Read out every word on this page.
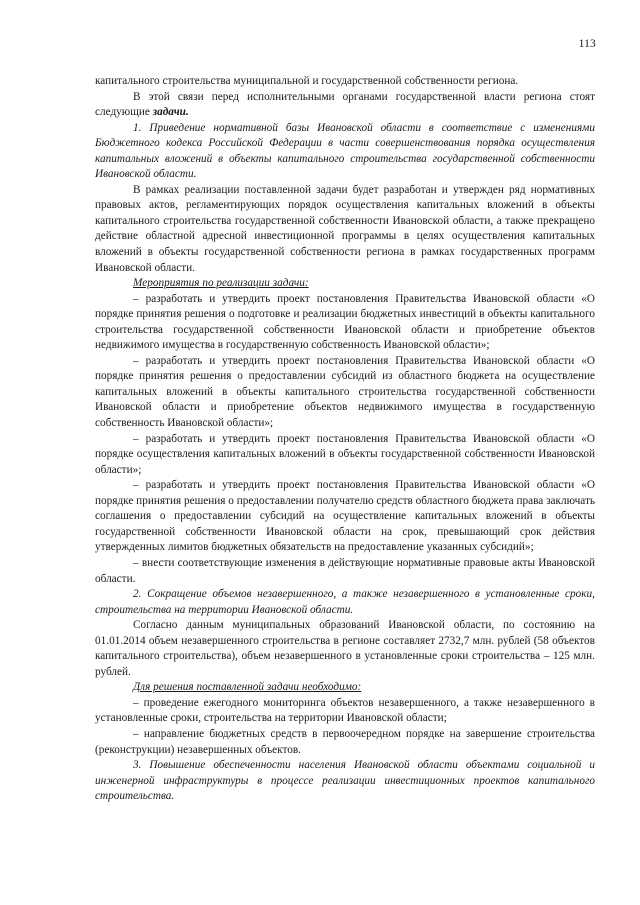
113

капитального строительства муниципальной и государственной собственности региона.

В этой связи перед исполнительными органами государственной власти региона стоят следующие задачи.

1. Приведение нормативной базы Ивановской области в соответствие с изменениями Бюджетного кодекса Российской Федерации в части совершенствования порядка осуществления капитальных вложений в объекты капитального строительства государственной собственности Ивановской области.

В рамках реализации поставленной задачи будет разработан и утвержден ряд нормативных правовых актов, регламентирующих порядок осуществления капитальных вложений в объекты капитального строительства государственной собственности Ивановской области, а также прекращено действие областной адресной инвестиционной программы в целях осуществления капитальных вложений в объекты государственной собственности региона в рамках государственных программ Ивановской области.

Мероприятия по реализации задачи:

– разработать и утвердить проект постановления Правительства Ивановской области «О порядке принятия решения о подготовке и реализации бюджетных инвестиций в объекты капитального строительства государственной собственности Ивановской области и приобретение объектов недвижимого имущества в государственную собственность Ивановской области»;

– разработать и утвердить проект постановления Правительства Ивановской области «О порядке принятия решения о предоставлении субсидий из областного бюджета на осуществление капитальных вложений в объекты капитального строительства государственной собственности Ивановской области и приобретение объектов недвижимого имущества в государственную собственность Ивановской области»;

– разработать и утвердить проект постановления Правительства Ивановской области «О порядке осуществления капитальных вложений в объекты государственной собственности Ивановской области»;

– разработать и утвердить проект постановления Правительства Ивановской области «О порядке принятия решения о предоставлении получателю средств областного бюджета права заключать соглашения о предоставлении субсидий на осуществление капитальных вложений в объекты государственной собственности Ивановской области на срок, превышающий срок действия утвержденных лимитов бюджетных обязательств на предоставление указанных субсидий»;

– внести соответствующие изменения в действующие нормативные правовые акты Ивановской области.

2. Сокращение объемов незавершенного, а также незавершенного в установленные сроки, строительства на территории Ивановской области.

Согласно данным муниципальных образований Ивановской области, по состоянию на 01.01.2014 объем незавершенного строительства в регионе составляет 2732,7 млн. рублей (58 объектов капитального строительства), объем незавершенного в установленные сроки строительства – 125 млн. рублей.

Для решения поставленной задачи необходимо:

– проведение ежегодного мониторинга объектов незавершенного, а также незавершенного в установленные сроки, строительства на территории Ивановской области;

– направление бюджетных средств в первоочередном порядке на завершение строительства (реконструкции) незавершенных объектов.

3. Повышение обеспеченности населения Ивановской области объектами социальной и инженерной инфраструктуры в процессе реализации инвестиционных проектов капитального строительства.
